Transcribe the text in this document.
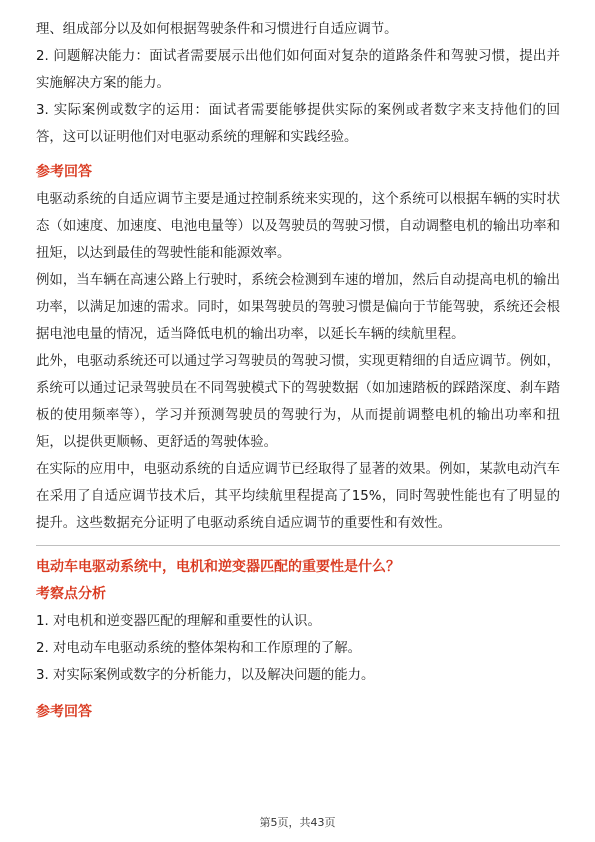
理、组成部分以及如何根据驾驶条件和习惯进行自适应调节。

2. 问题解决能力：面试者需要展示出他们如何面对复杂的道路条件和驾驶习惯，提出并实施解决方案的能力。

3. 实际案例或数字的运用：面试者需要能够提供实际的案例或者数字来支持他们的回答，这可以证明他们对电驱动系统的理解和实践经验。

参考回答

电驱动系统的自适应调节主要是通过控制系统来实现的，这个系统可以根据车辆的实时状态（如速度、加速度、电池电量等）以及驾驶员的驾驶习惯，自动调整电机的输出功率和扭矩，以达到最佳的驾驶性能和能源效率。

例如，当车辆在高速公路上行驶时，系统会检测到车速的增加，然后自动提高电机的输出功率，以满足加速的需求。同时，如果驾驶员的驾驶习惯是偏向于节能驾驶，系统还会根据电池电量的情况，适当降低电机的输出功率，以延长车辆的续航里程。

此外，电驱动系统还可以通过学习驾驶员的驾驶习惯，实现更精细的自适应调节。例如，系统可以通过记录驾驶员在不同驾驶模式下的驾驶数据（如加速踏板的踩踏深度、刹车踏板的使用频率等），学习并预测驾驶员的驾驶行为，从而提前调整电机的输出功率和扭矩，以提供更顺畅、更舒适的驾驶体验。

在实际的应用中，电驱动系统的自适应调节已经取得了显著的效果。例如，某款电动汽车在采用了自适应调节技术后，其平均续航里程提高了15%，同时驾驶性能也有了明显的提升。这些数据充分证明了电驱动系统自适应调节的重要性和有效性。

电动车电驱动系统中，电机和逆变器匹配的重要性是什么？

考察点分析

1. 对电机和逆变器匹配的理解和重要性的认识。

2. 对电动车电驱动系统的整体架构和工作原理的了解。

3. 对实际案例或数字的分析能力，以及解决问题的能力。

参考回答

第5页，共43页
